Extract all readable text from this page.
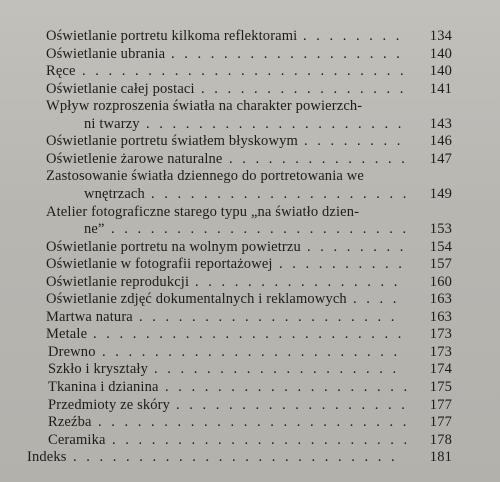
Oświetlanie portretu kilkoma reflektorami	134
. . . . . . . .
Oświetlanie ubrania	140
. . . . . . . . . . . . . . . . . .
Ręce	140
. . . . . . . . . . . . . . . . . . . . . . . . .
Oświetlanie całej postaci	141
. . . . . . . . . . . . . . . .
Wpływ rozproszenia światła na charakter powierzch-
ni twarzy	143
. . . . . . . . . . . . . . . . . . . .
Oświetlanie portretu światłem błyskowym	146
. . . . . . . .
Oświetlenie żarowe naturalne	147
. . . . . . . . . . . . . .
Zastosowanie światła dziennego do portretowania we
wnętrzach	149
. . . . . . . . . . . . . . . . . . . .
Atelier fotograficzne starego typu „na światło dzien-
ne”	153
. . . . . . . . . . . . . . . . . . . . . . .
Oświetlanie portretu na wolnym powietrzu	154
. . . . . . . .
Oświetlanie w fotografii reportażowej	157
. . . . . . . . . .
Oświetlanie reprodukcji	160
. . . . . . . . . . . . . . . .
Oświetlanie zdjęć dokumentalnych i reklamowych	163
. . . .
Martwa natura	163
. . . . . . . . . . . . . . . . . . . .
Metale	173
. . . . . . . . . . . . . . . . . . . . . . . .
Drewno	173
. . . . . . . . . . . . . . . . . . . . . . .
Szkło i kryształy	174
. . . . . . . . . . . . . . . . . . .
Tkanina i dzianina	175
. . . . . . . . . . . . . . . . . . .
Przedmioty ze skóry	177
. . . . . . . . . . . . . . . . . .
Rzeźba	177
. . . . . . . . . . . . . . . . . . . . . . . .
Ceramika	178
. . . . . . . . . . . . . . . . . . . . . . .
Indeks	181
. . . . . . . . . . . . . . . . . . . . . . . . .
